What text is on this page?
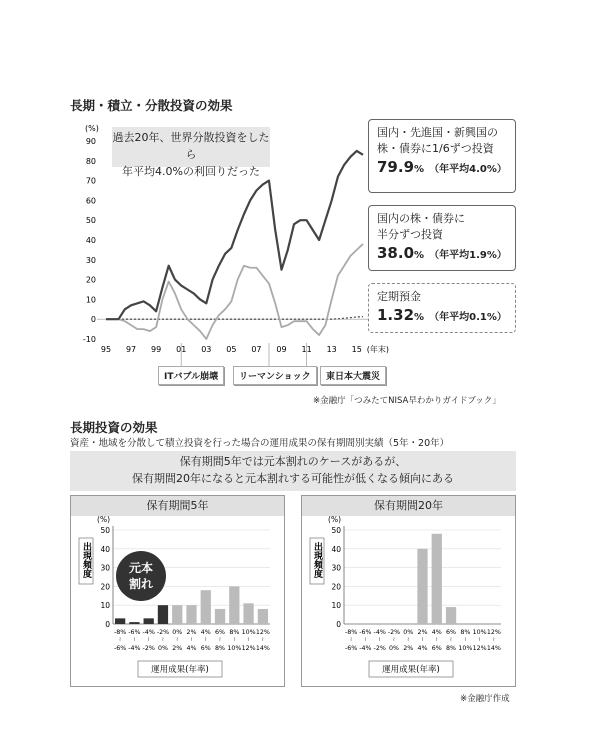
長期・積立・分散投資の効果
(%)
-10
0
10
20
30
40
50
60
70
80
90
95 97 99 01 03 05 07 09 11 13 15 (年末)
過去20年、世界分散投資をしたら
年平均4.0%の利回りだった
国内・先進国・新興国の
株・債券に1/6ずつ投資
79.9% （年平均4.0%）
国内の株・債券に
半分ずつ投資
38.0% （年平均1.9%）
定期預金
1.32% （年平均0.1%）
ITバブル崩壊	リーマンショック	東日本大震災
※金融庁「つみたてNISA早わかりガイドブック」
長期投資の効果
資産・地域を分散して積立投資を行った場合の運用成果の保有期間別実績（5年・20年）
保有期間5年では元本割れのケースがあるが、
保有期間20年になると元本割れする可能性が低くなる傾向にある
保有期間5年	保有期間20年
出現頻度
(%)
0
10
20
30
40
50
-8%
≀
-6%
-6%
≀
-4%
-4%
≀
-2%
-2%
≀
0%
0%
≀
2%
2%
≀
4%
4%
≀
6%
6%
≀
8%
8%
≀
10%
10%
≀
12%
12%
≀
14%
運用成果(年率)
出現頻度
(%)
0
10
20
30
40
50
-8%
≀
-6%
-6%
≀
-4%
-4%
≀
-2%
-2%
≀
0%
0%
≀
2%
2%
≀
4%
4%
≀
6%
6%
≀
8%
8%
≀
10%
10%
≀
12%
12%
≀
14%
運用成果(年率)
元本
割れ
※金融庁作成
